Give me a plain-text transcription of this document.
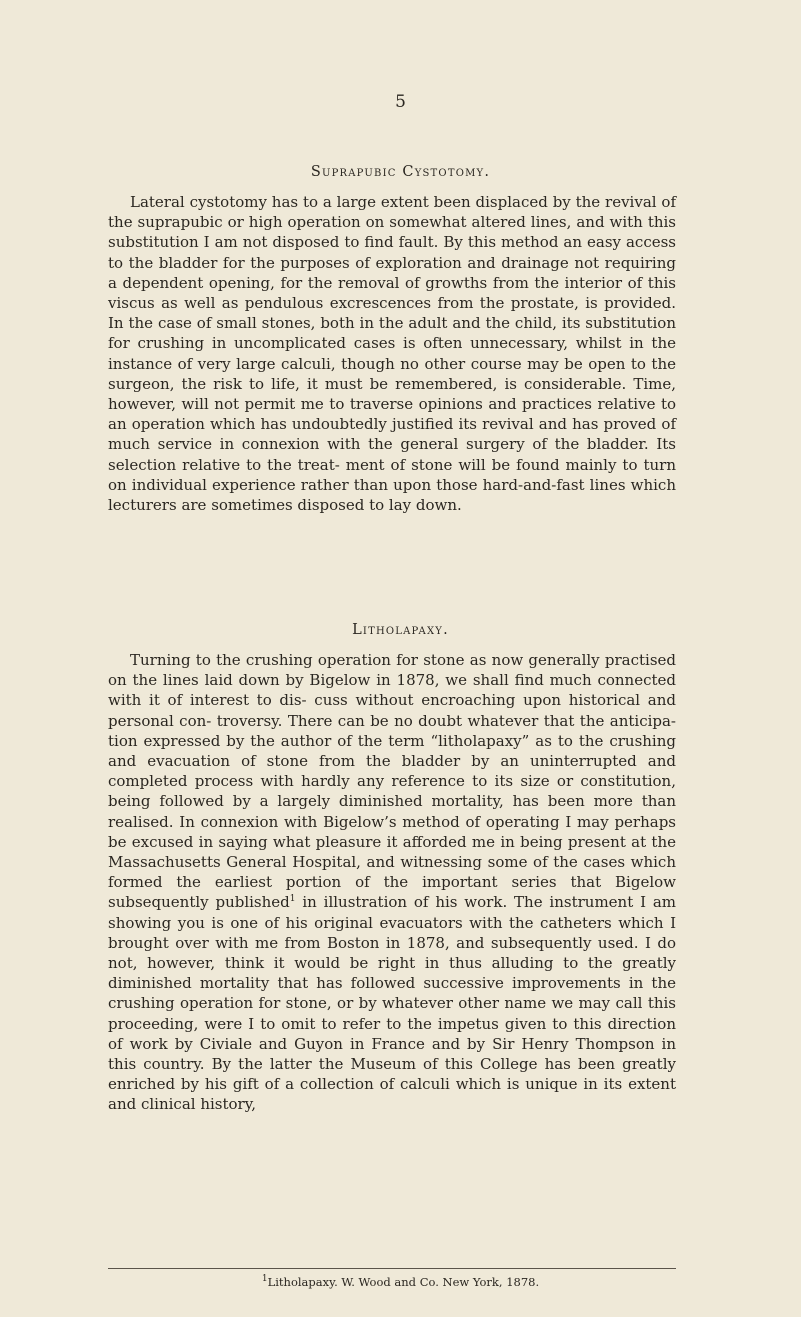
5
Suprapubic Cystotomy.

Lateral cystotomy has to a large extent been displaced by the revival of the suprapubic or high operation on somewhat altered lines, and with this substitution I am not disposed to find fault. By this method an easy access to the bladder for the purposes of exploration and drainage not requiring a dependent opening, for the removal of growths from the interior of this viscus as well as pendulous excrescences from the prostate, is provided. In the case of small stones, both in the adult and the child, its substitution for crushing in uncomplicated cases is often unnecessary, whilst in the instance of very large calculi, though no other course may be open to the surgeon, the risk to life, it must be remembered, is considerable. Time, however, will not permit me to traverse opinions and practices relative to an operation which has undoubtedly justified its revival and has proved of much service in connexion with the general surgery of the bladder. Its selection relative to the treat- ment of stone will be found mainly to turn on individual experience rather than upon those hard-and-fast lines which lecturers are sometimes disposed to lay down.

Litholapaxy.

Turning to the crushing operation for stone as now generally practised on the lines laid down by Bigelow in 1878, we shall find much connected with it of interest to dis- cuss without encroaching upon historical and personal con- troversy. There can be no doubt whatever that the anticipa- tion expressed by the author of the term “litholapaxy” as to the crushing and evacuation of stone from the bladder by an uninterrupted and completed process with hardly any reference to its size or constitution, being followed by a largely diminished mortality, has been more than realised. In connexion with Bigelow’s method of operating I may perhaps be excused in saying what pleasure it afforded me in being present at the Massachusetts General Hospital, and witnessing some of the cases which formed the earliest portion of the important series that Bigelow subsequently published$^1$ in illustration of his work. The instrument I am showing you is one of his original evacuators with the catheters which I brought over with me from Boston in 1878, and subsequently used. I do not, however, think it would be right in thus alluding to the greatly diminished mortality that has followed successive improvements in the crushing operation for stone, or by whatever other name we may call this proceeding, were I to omit to refer to the impetus given to this direction of work by Civiale and Guyon in France and by Sir Henry Thompson in this country. By the latter the Museum of this College has been greatly enriched by his gift of a collection of calculi which is unique in its extent and clinical history,

$^1$Litholapaxy. W. Wood and Co. New York, 1878.
